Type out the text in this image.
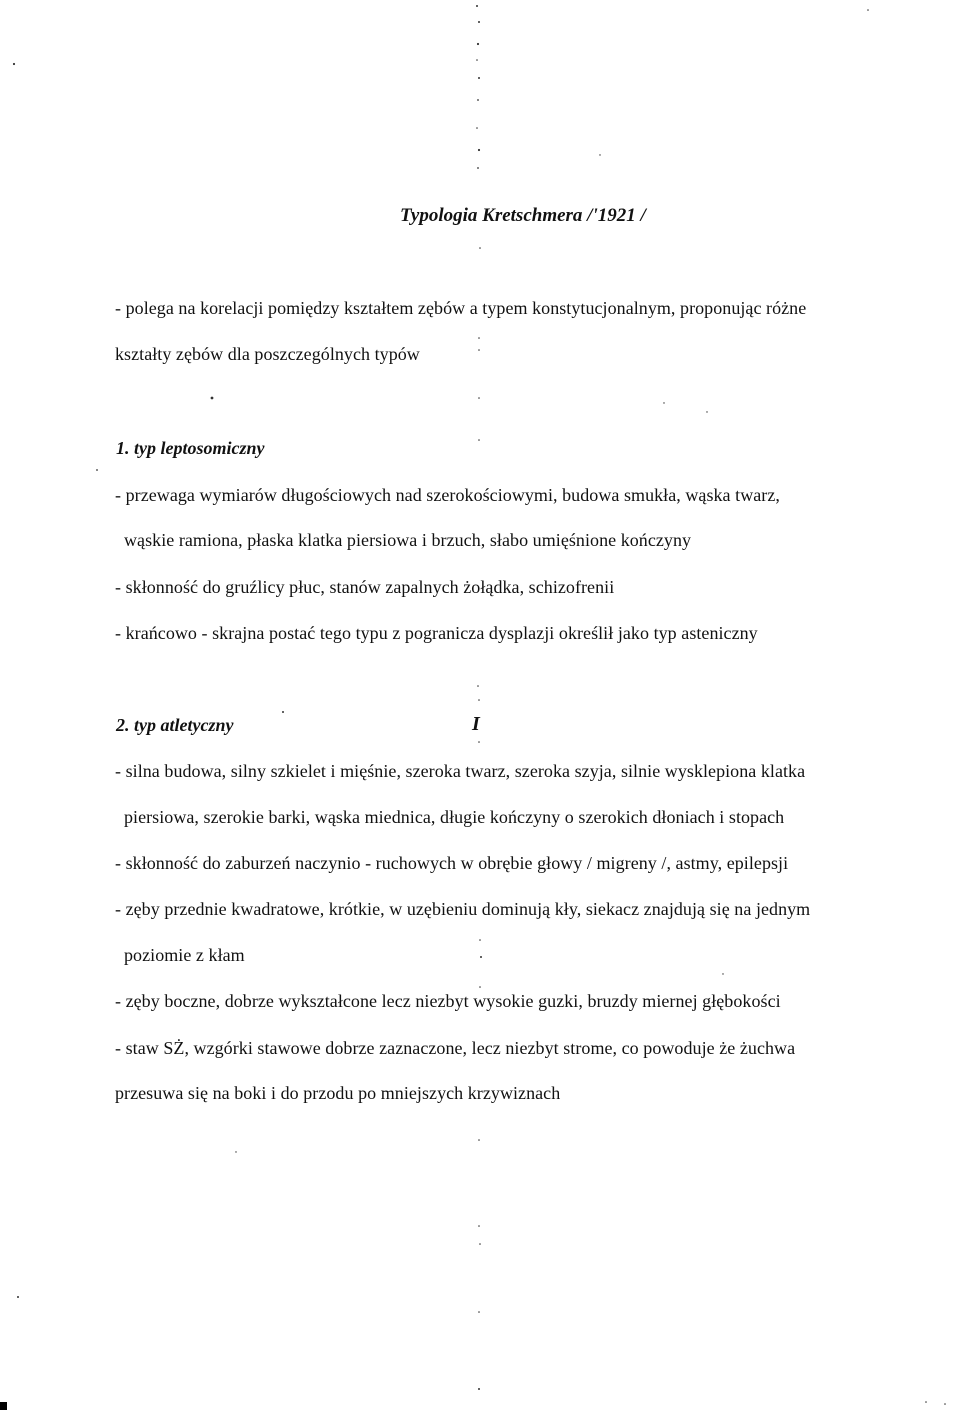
Typologia Kretschmera /'1921 /
- polega na korelacji pomiędzy kształtem zębów a typem konstytucjonalnym, proponując różne
kształty zębów dla poszczególnych typów
1. typ leptosomiczny
- przewaga wymiarów długościowych nad szerokościowymi, budowa smukła, wąska twarz,
wąskie ramiona, płaska klatka piersiowa i brzuch, słabo umięśnione kończyny
- skłonność do gruźlicy płuc, stanów zapalnych żołądka, schizofrenii
- krańcowo - skrajna postać tego typu z pogranicza dysplazji określił jako typ asteniczny
2. typ atletyczny	I
- silna budowa, silny szkielet i mięśnie, szeroka twarz, szeroka szyja, silnie wysklepiona klatka
piersiowa, szerokie barki, wąska miednica, długie kończyny o szerokich dłoniach i stopach
- skłonność do zaburzeń naczynio - ruchowych w obrębie głowy / migreny /, astmy, epilepsji
- zęby przednie kwadratowe, krótkie, w uzębieniu dominują kły, siekacz znajdują się na jednym
poziomie z kłam
- zęby boczne, dobrze wykształcone lecz niezbyt wysokie guzki, bruzdy miernej głębokości
- staw SŻ, wzgórki stawowe dobrze zaznaczone, lecz niezbyt strome, co powoduje że żuchwa
przesuwa się na boki i do przodu po mniejszych krzywiznach
